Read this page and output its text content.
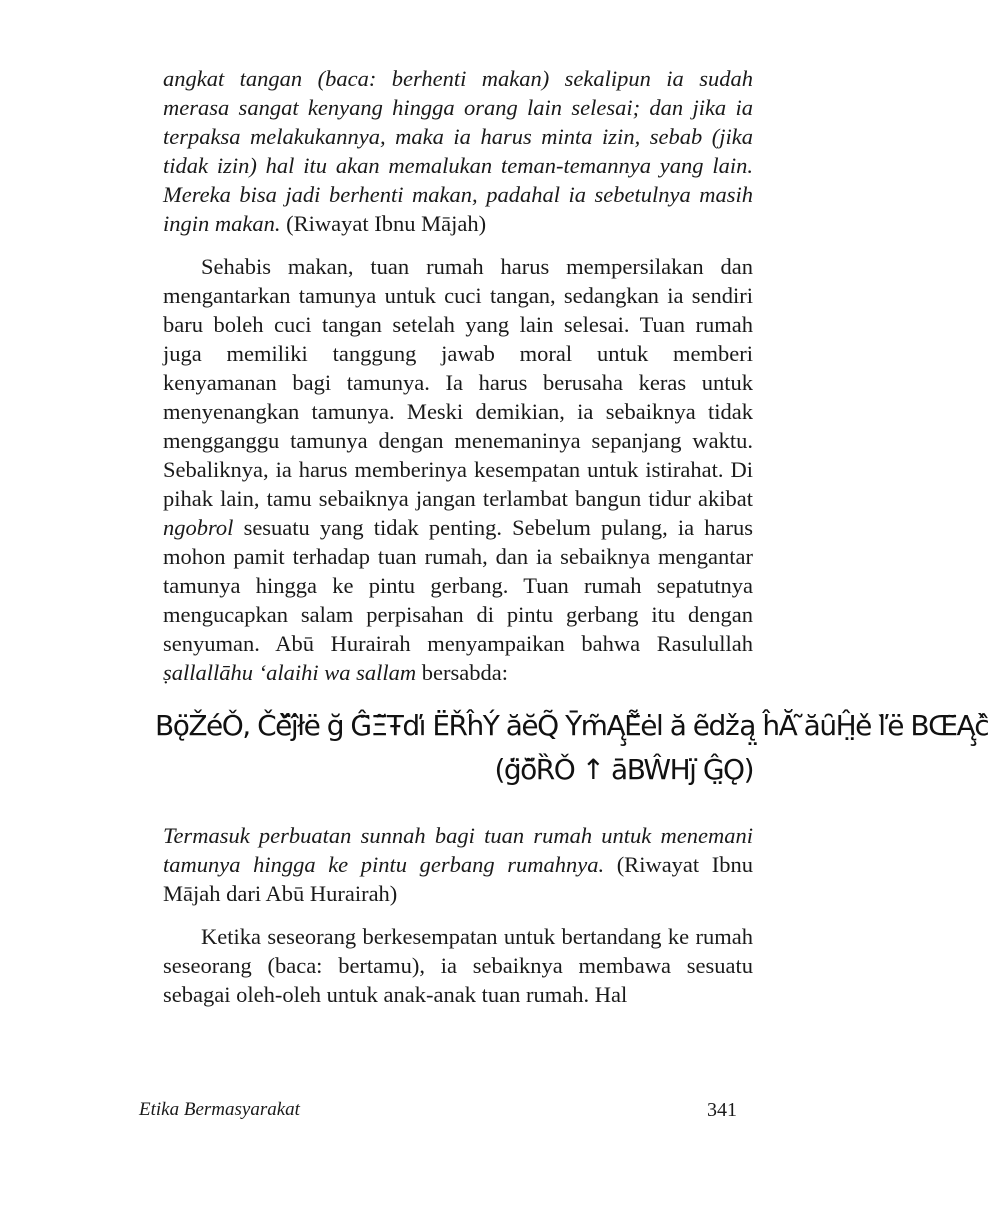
angkat tangan (baca: berhenti makan) sekalipun ia sudah merasa sangat kenyang hingga orang lain selesai; dan jika ia terpaksa melakukannya, maka ia harus minta izin, sebab (jika tidak izin) hal itu akan memalukan teman-temannya yang lain. Mereka bisa jadi berhenti makan, padahal ia sebetulnya masih ingin makan. (Riwayat Ibnu Mājah)

Sehabis makan, tuan rumah harus mempersilakan dan mengantarkan tamunya untuk cuci tangan, sedangkan ia sendiri baru boleh cuci tangan setelah yang lain selesai. Tuan rumah juga memiliki tanggung jawab moral untuk memberi kenyamanan bagi tamunya. Ia harus berusaha keras untuk menyenangkan tamunya. Meski demikian, ia sebaiknya tidak mengganggu tamunya dengan menemaninya sepanjang waktu. Sebaliknya, ia harus memberinya kesempatan untuk istirahat. Di pihak lain, tamu sebaiknya jangan terlambat bangun tidur akibat ngobrol sesuatu yang tidak penting. Sebelum pulang, ia harus mohon pamit terhadap tuan rumah, dan ia sebaiknya mengantar tamunya hingga ke pintu gerbang. Tuan rumah sepatutnya mengucapkan salam perpisahan di pintu gerbang itu dengan senyuman. Abū Hurairah menyampaikan bahwa Rasulullah ṣallallāhu ‘alaihi wa sallam bersabda:

Bǫ̈ŽéǑ, Čě̌ĵ̈łë ğ Ĝ̈Ξ̃Ŧďı ËŘĥÝ ăĕQ̃ Ȳm̃Ą̧Ẽ̌ėl ă ẽǆą̤ ĥĂ ̃ăȗĤ̤ě ľ̀ë BŒ̃Ą̧ĉ̀
(ģ̈ŏ̃ȐǑ ↑ āBŴHj̈ Ĝ̤Ǫ)

Termasuk perbuatan sunnah bagi tuan rumah untuk menemani tamunya hingga ke pintu gerbang rumahnya. (Riwayat Ibnu Mājah dari Abū Hurairah)

Ketika seseorang berkesempatan untuk bertandang ke rumah seseorang (baca: bertamu), ia sebaiknya membawa sesuatu sebagai oleh-oleh untuk anak-anak tuan rumah. Hal

Etika Bermasyarakat	341
